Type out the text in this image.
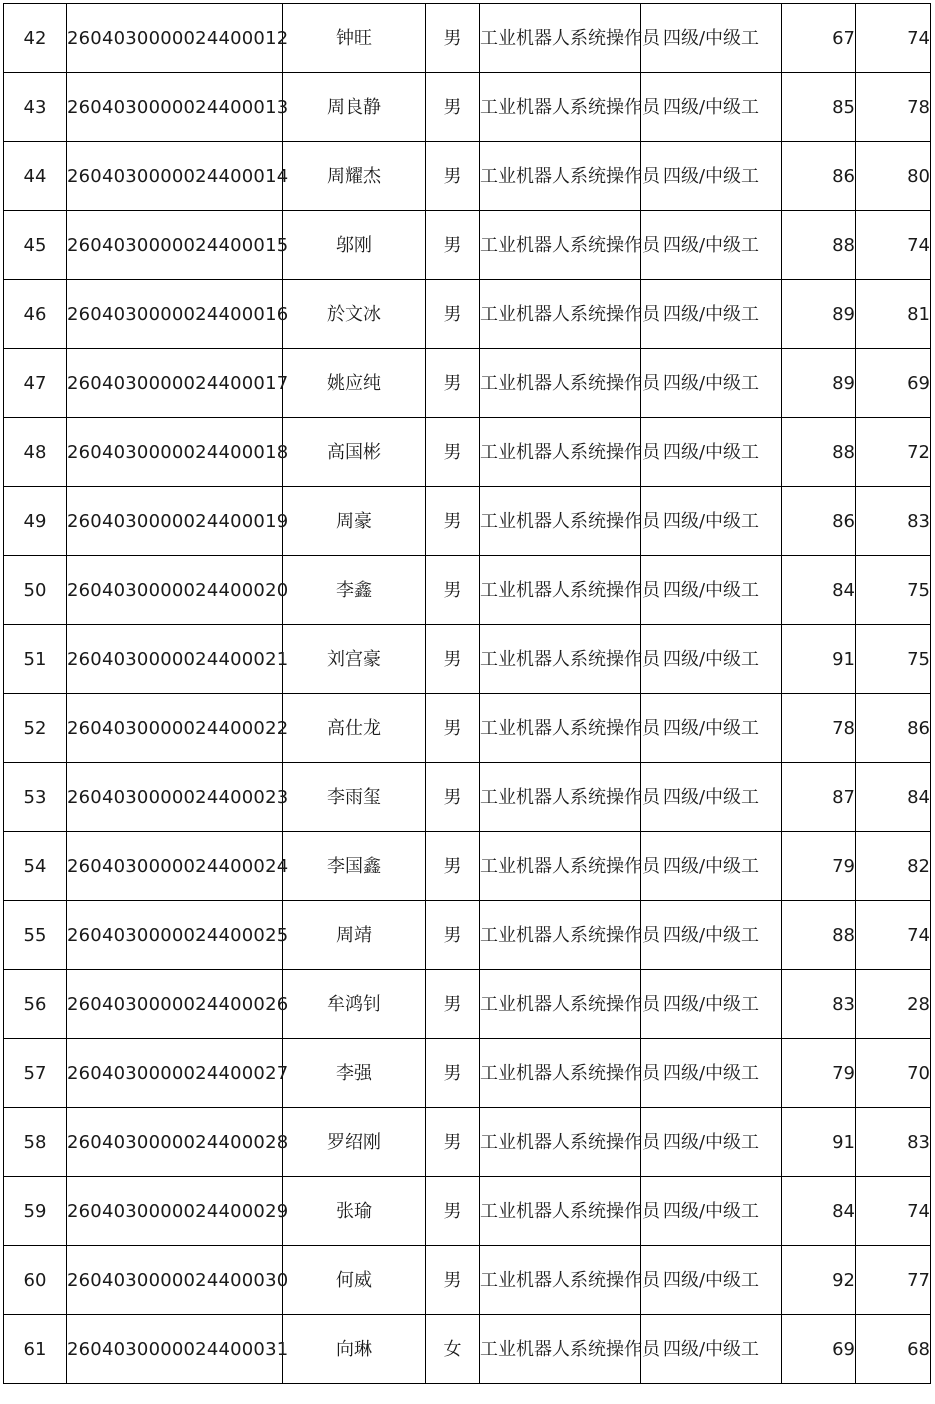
42	2604030000024400012	钟旺	男	工业机器人系统操作员	四级/中级工	67	74
43	2604030000024400013	周良静	男	工业机器人系统操作员	四级/中级工	85	78
44	2604030000024400014	周耀杰	男	工业机器人系统操作员	四级/中级工	86	80
45	2604030000024400015	邬刚	男	工业机器人系统操作员	四级/中级工	88	74
46	2604030000024400016	於文冰	男	工业机器人系统操作员	四级/中级工	89	81
47	2604030000024400017	姚应纯	男	工业机器人系统操作员	四级/中级工	89	69
48	2604030000024400018	高国彬	男	工业机器人系统操作员	四级/中级工	88	72
49	2604030000024400019	周豪	男	工业机器人系统操作员	四级/中级工	86	83
50	2604030000024400020	李鑫	男	工业机器人系统操作员	四级/中级工	84	75
51	2604030000024400021	刘宫豪	男	工业机器人系统操作员	四级/中级工	91	75
52	2604030000024400022	高仕龙	男	工业机器人系统操作员	四级/中级工	78	86
53	2604030000024400023	李雨玺	男	工业机器人系统操作员	四级/中级工	87	84
54	2604030000024400024	李国鑫	男	工业机器人系统操作员	四级/中级工	79	82
55	2604030000024400025	周靖	男	工业机器人系统操作员	四级/中级工	88	74
56	2604030000024400026	牟鸿钊	男	工业机器人系统操作员	四级/中级工	83	28
57	2604030000024400027	李强	男	工业机器人系统操作员	四级/中级工	79	70
58	2604030000024400028	罗绍刚	男	工业机器人系统操作员	四级/中级工	91	83
59	2604030000024400029	张瑜	男	工业机器人系统操作员	四级/中级工	84	74
60	2604030000024400030	何威	男	工业机器人系统操作员	四级/中级工	92	77
61	2604030000024400031	向琳	女	工业机器人系统操作员	四级/中级工	69	68
